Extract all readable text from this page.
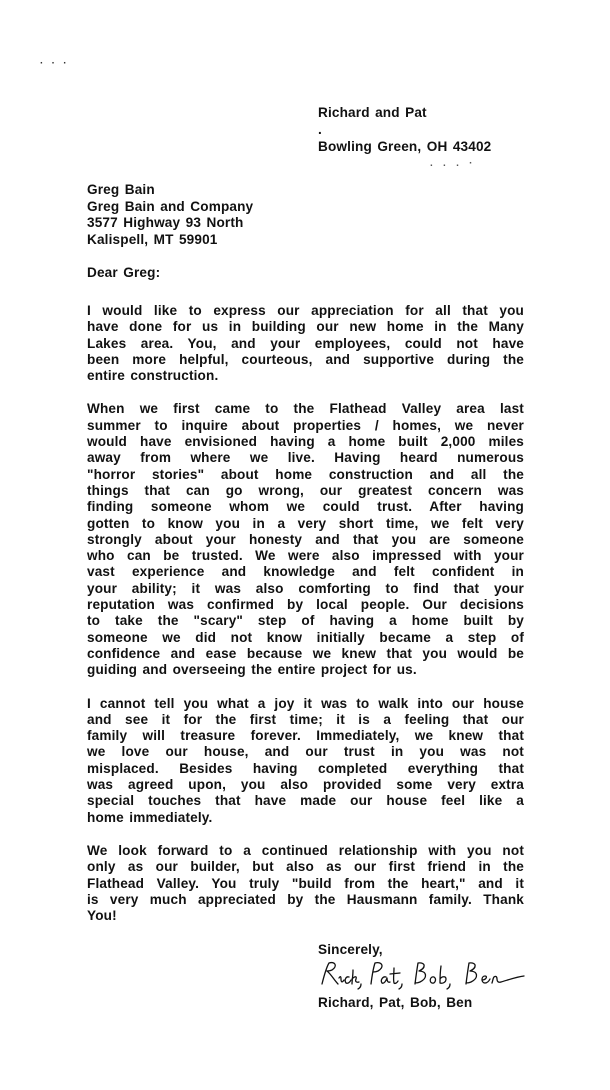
· · ·
Richard and Pat
.
Bowling Green, OH 43402
. . . ·
Greg Bain
Greg Bain and Company
3577 Highway 93 North
Kalispell, MT 59901
Dear Greg:
I would like to express our appreciation for all that you
have done for us in building our new home in the Many
Lakes area. You, and your employees, could not have
been more helpful, courteous, and supportive during the
entire construction.
When we first came to the Flathead Valley area last
summer to inquire about properties / homes, we never
would have envisioned having a home built 2,000 miles
away from where we live. Having heard numerous
"horror stories" about home construction and all the
things that can go wrong, our greatest concern was
finding someone whom we could trust. After having
gotten to know you in a very short time, we felt very
strongly about your honesty and that you are someone
who can be trusted. We were also impressed with your
vast experience and knowledge and felt confident in
your ability; it was also comforting to find that your
reputation was confirmed by local people. Our decisions
to take the "scary" step of having a home built by
someone we did not know initially became a step of
confidence and ease because we knew that you would be
guiding and overseeing the entire project for us.
I cannot tell you what a joy it was to walk into our house
and see it for the first time; it is a feeling that our
family will treasure forever. Immediately, we knew that
we love our house, and our trust in you was not
misplaced. Besides having completed everything that
was agreed upon, you also provided some very extra
special touches that have made our house feel like a
home immediately.
We look forward to a continued relationship with you not
only as our builder, but also as our first friend in the
Flathead Valley. You truly "build from the heart," and it
is very much appreciated by the Hausmann family. Thank
You!
Sincerely,
Richard, Pat, Bob, Ben
